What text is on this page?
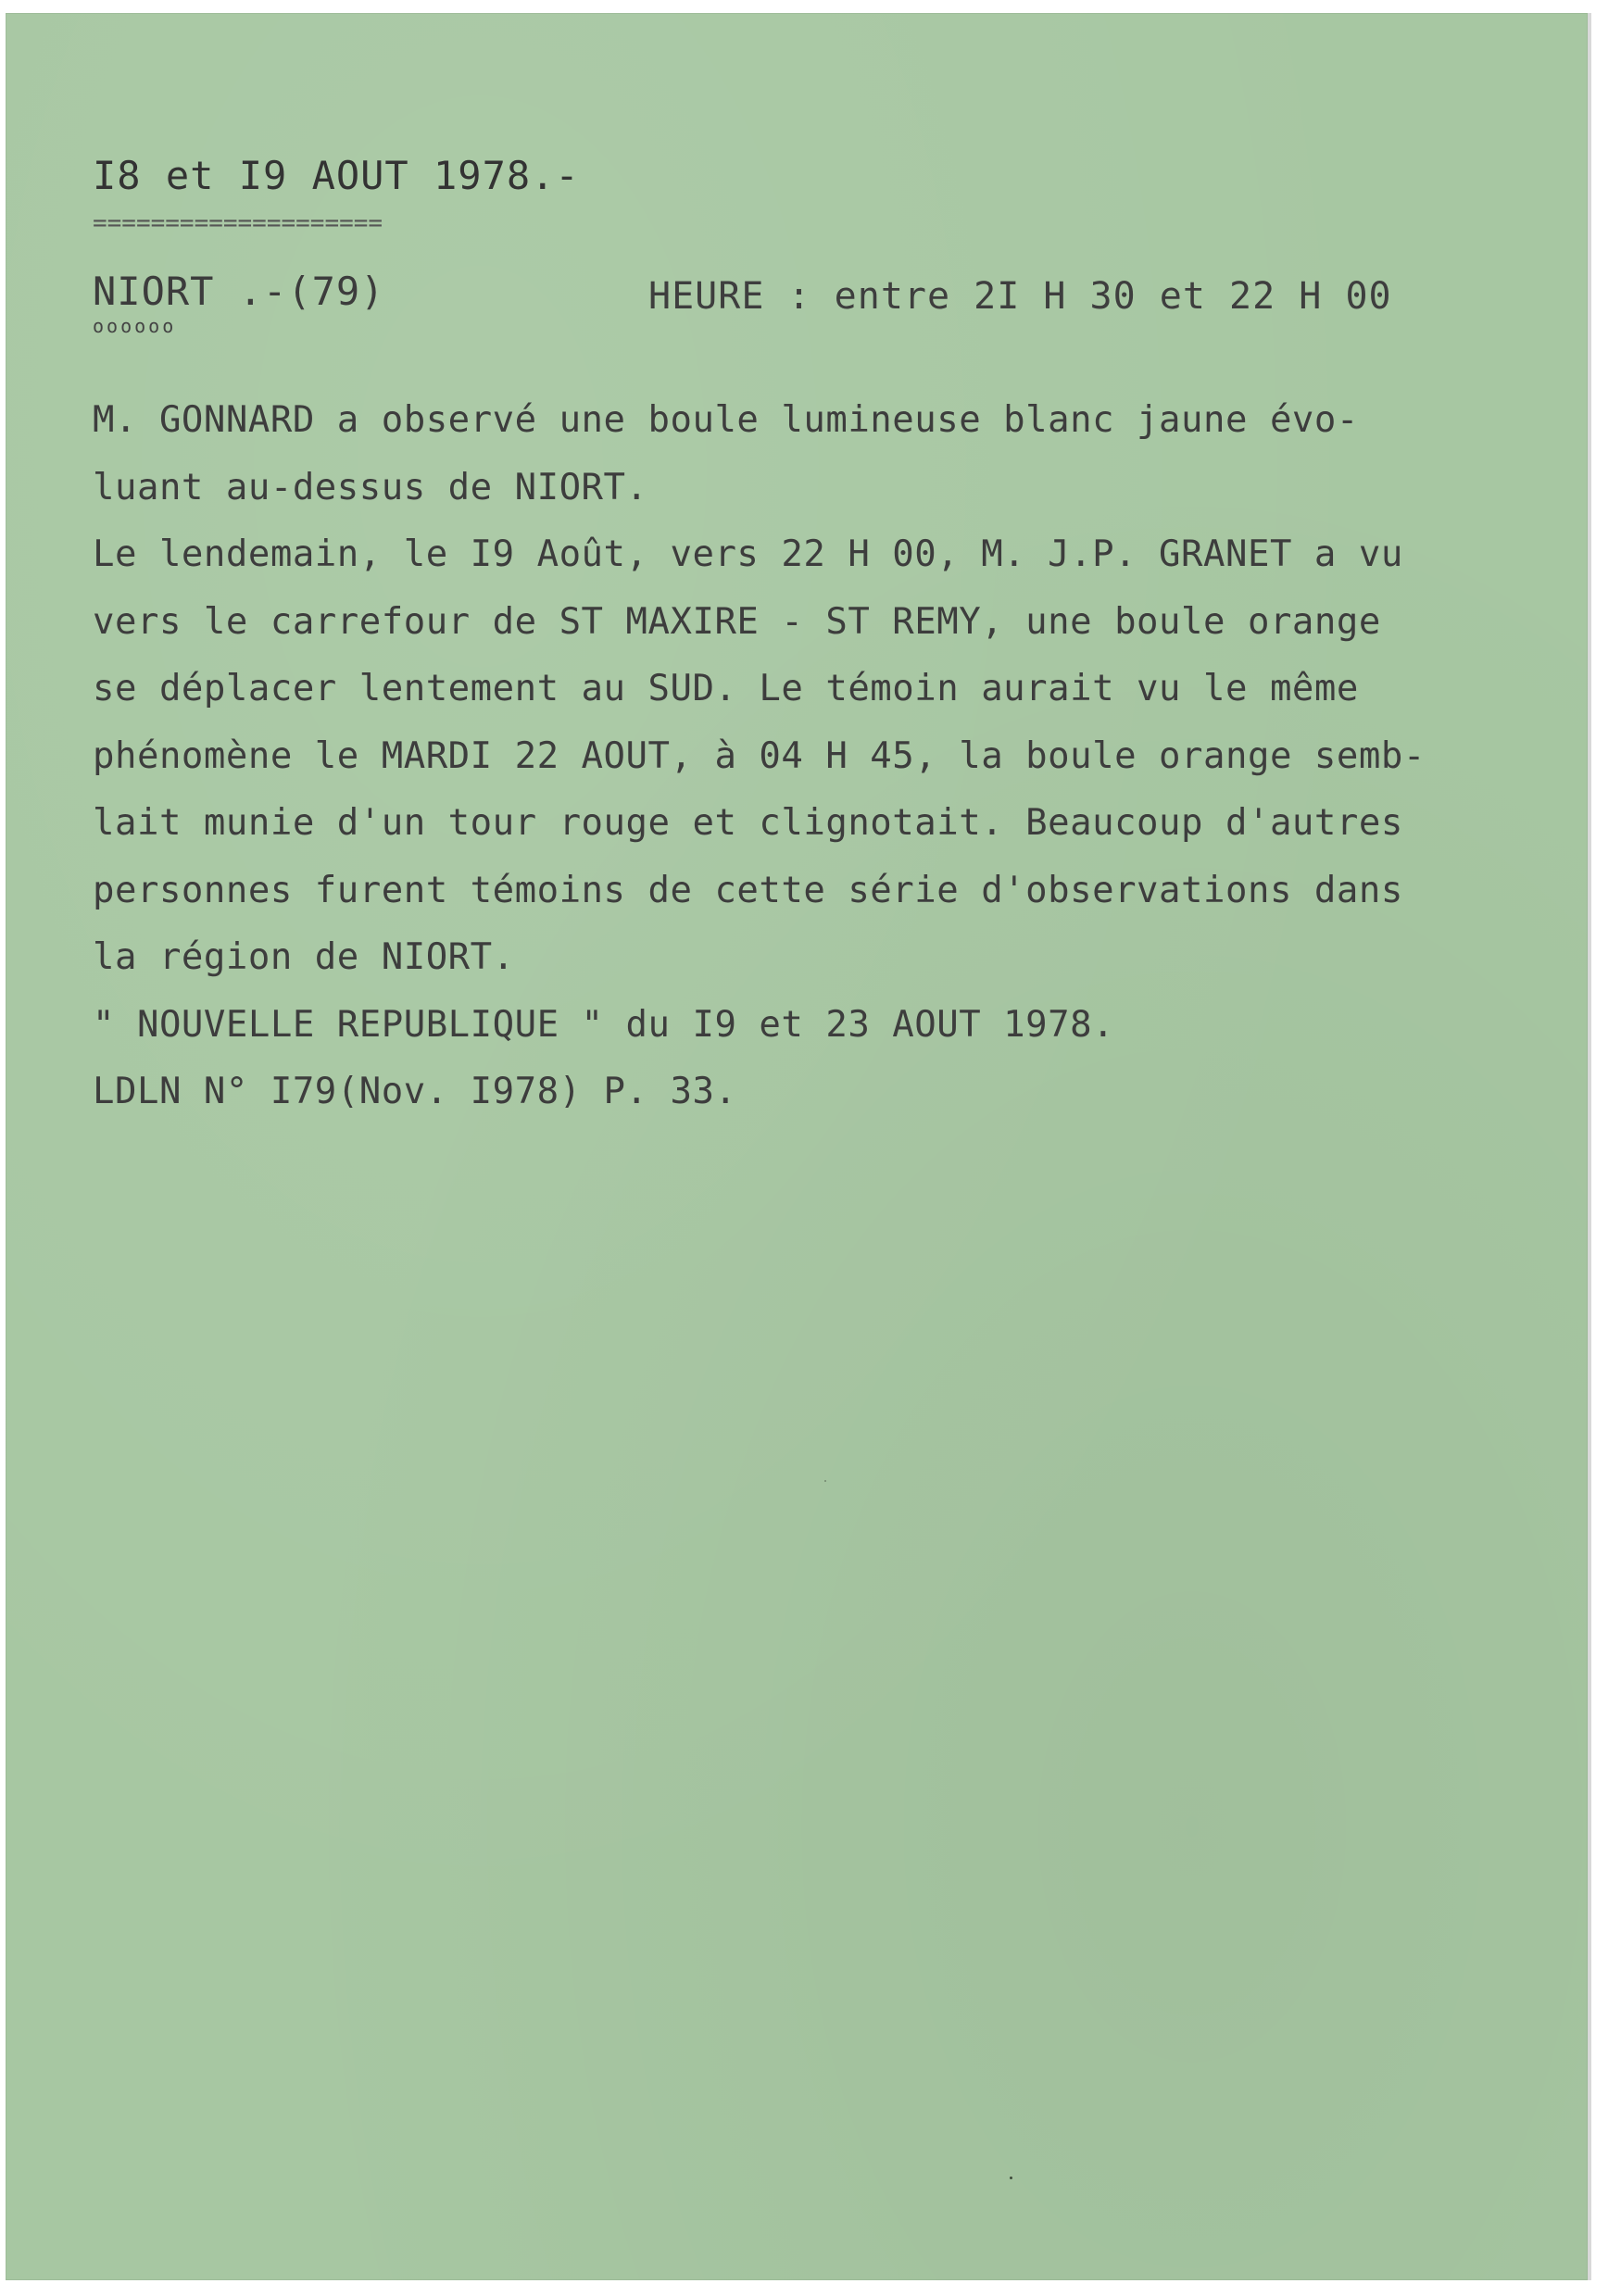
I8 et I9 AOUT 1978.-
====================
NIORT .-(79)
oooooo
HEURE : entre 2I H 30 et 22 H 00
M. GONNARD a observé une boule lumineuse blanc jaune évo-
luant au-dessus de NIORT.
Le lendemain, le I9 Août, vers 22 H 00, M. J.P. GRANET a vu
vers le carrefour de ST MAXIRE - ST REMY, une boule orange
se déplacer lentement au SUD. Le témoin aurait vu le même
phénomène le MARDI 22 AOUT, à 04 H 45, la boule orange semb-
lait munie d'un tour rouge et clignotait. Beaucoup d'autres
personnes furent témoins de cette série d'observations dans
la région de NIORT.
" NOUVELLE REPUBLIQUE " du I9 et 23 AOUT 1978.
LDLN N° I79(Nov. I978) P. 33.
